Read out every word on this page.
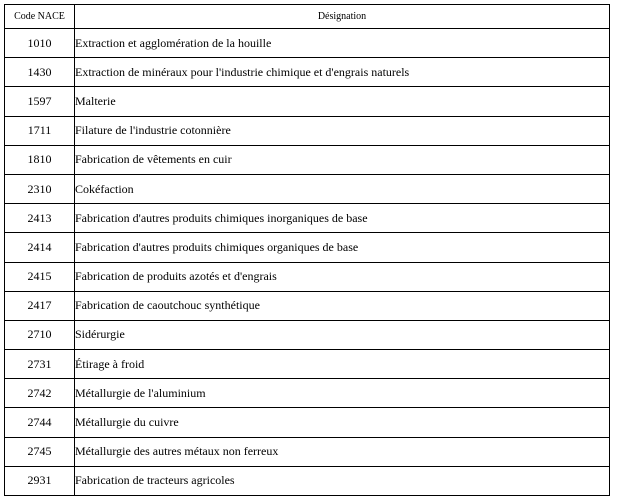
Code NACE	Désignation
1010	Extraction et agglomération de la houille
1430	Extraction de minéraux pour l'industrie chimique et d'engrais naturels
1597	Malterie
1711	Filature de l'industrie cotonnière
1810	Fabrication de vêtements en cuir
2310	Cokéfaction
2413	Fabrication d'autres produits chimiques inorganiques de base
2414	Fabrication d'autres produits chimiques organiques de base
2415	Fabrication de produits azotés et d'engrais
2417	Fabrication de caoutchouc synthétique
2710	Sidérurgie
2731	Étirage à froid
2742	Métallurgie de l'aluminium
2744	Métallurgie du cuivre
2745	Métallurgie des autres métaux non ferreux
2931	Fabrication de tracteurs agricoles
